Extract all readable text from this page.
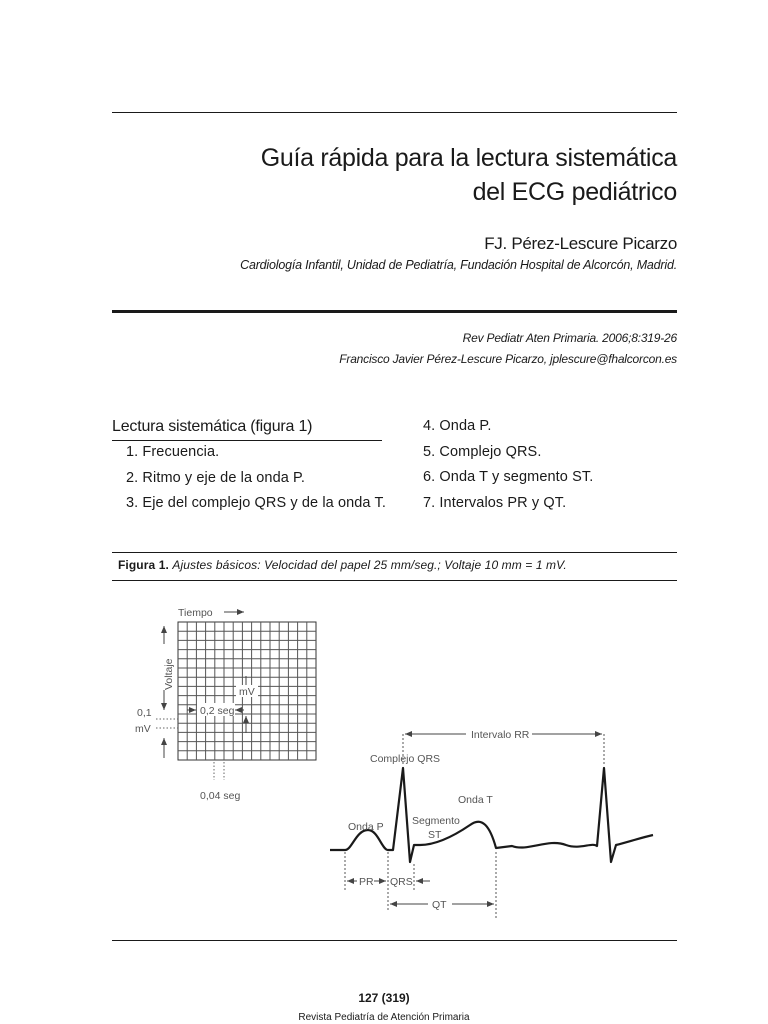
Guía rápida para la lectura sistemática
del ECG pediátrico
FJ. Pérez-Lescure Picarzo
Cardiología Infantil, Unidad de Pediatría, Fundación Hospital de Alcorcón, Madrid.
Rev Pediatr Aten Primaria. 2006;8:319-26
Francisco Javier Pérez-Lescure Picarzo, jplescure@fhalcorcon.es
Lectura sistemática (figura 1)
1. Frecuencia.
2. Ritmo y eje de la onda P.
3. Eje del complejo QRS y de la onda T.
4. Onda P.
5. Complejo QRS.
6. Onda T y segmento ST.
7. Intervalos PR y QT.
Figura 1. Ajustes básicos: Velocidad del papel 25 mm/seg.; Voltaje 10 mm = 1 mV.
Tiempo
Voltaje
mV
0,2 seg
0,1
mV
0,04 seg
Intervalo RR
Complejo QRS
Onda T
Segmento
ST
Onda P
PR QRS
QT
127 (319)
Revista Pediatría de Atención Primaria
